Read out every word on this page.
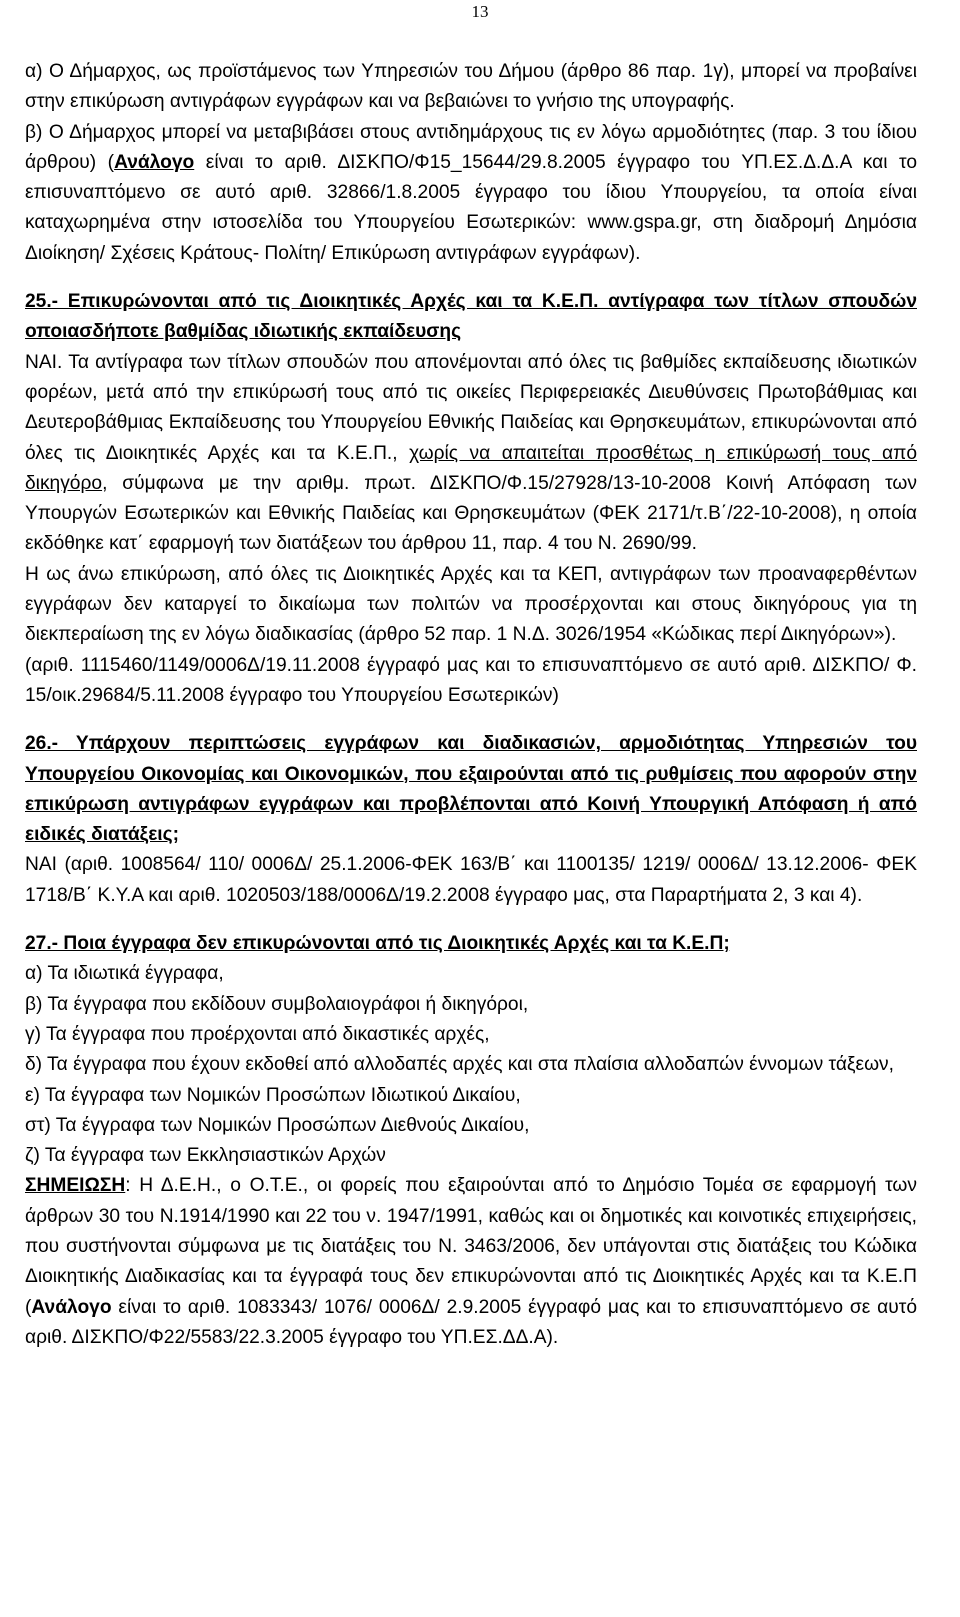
13

α) Ο Δήμαρχος, ως προϊστάμενος των Υπηρεσιών του Δήμου (άρθρο 86 παρ. 1γ), μπορεί να προβαίνει στην επικύρωση αντιγράφων εγγράφων και να βεβαιώνει το γνήσιο της υπογραφής.

β) Ο Δήμαρχος μπορεί να μεταβιβάσει στους αντιδημάρχους τις εν λόγω αρμοδιότητες (παρ. 3 του ίδιου άρθρου) (Ανάλογο είναι το αριθ. ΔΙΣΚΠΟ/Φ15_15644/29.8.2005 έγγραφο του ΥΠ.ΕΣ.Δ.Δ.Α και το επισυναπτόμενο σε αυτό αριθ. 32866/1.8.2005 έγγραφο του ίδιου Υπουργείου, τα οποία είναι καταχωρημένα στην ιστοσελίδα του Υπουργείου Εσωτερικών: www.gspa.gr, στη διαδρομή Δημόσια Διοίκηση/ Σχέσεις Κράτους- Πολίτη/ Επικύρωση αντιγράφων εγγράφων).

25.- Επικυρώνονται από τις Διοικητικές Αρχές και τα Κ.Ε.Π. αντίγραφα των τίτλων σπουδών οποιασδήποτε βαθμίδας ιδιωτικής εκπαίδευσης

ΝΑΙ. Τα αντίγραφα των τίτλων σπουδών που απονέμονται από όλες τις βαθμίδες εκπαίδευσης ιδιωτικών φορέων, μετά από την επικύρωσή τους από τις οικείες Περιφερειακές Διευθύνσεις Πρωτοβάθμιας και Δευτεροβάθμιας Εκπαίδευσης του Υπουργείου Εθνικής Παιδείας και Θρησκευμάτων, επικυρώνονται από όλες τις Διοικητικές Αρχές και τα Κ.Ε.Π., χωρίς να απαιτείται προσθέτως η επικύρωσή τους από δικηγόρο, σύμφωνα με την αριθμ. πρωτ. ΔΙΣΚΠΟ/Φ.15/27928/13-10-2008 Κοινή Απόφαση των Υπουργών Εσωτερικών και Εθνικής Παιδείας και Θρησκευμάτων (ΦΕΚ 2171/τ.Β΄/22-10-2008), η οποία εκδόθηκε κατ΄ εφαρμογή των διατάξεων του άρθρου 11, παρ. 4 του Ν. 2690/99.

Η ως άνω επικύρωση, από όλες τις Διοικητικές Αρχές και τα ΚΕΠ, αντιγράφων των προαναφερθέντων εγγράφων δεν καταργεί το δικαίωμα των πολιτών να προσέρχονται και στους δικηγόρους για τη διεκπεραίωση της εν λόγω διαδικασίας (άρθρο 52 παρ. 1 Ν.Δ. 3026/1954 «Κώδικας περί Δικηγόρων»).

(αριθ. 1115460/1149/0006Δ/19.11.2008 έγγραφό μας και το επισυναπτόμενο σε αυτό αριθ. ΔΙΣΚΠΟ/ Φ. 15/οικ.29684/5.11.2008 έγγραφο του Υπουργείου Εσωτερικών)

26.- Υπάρχουν περιπτώσεις εγγράφων και διαδικασιών, αρμοδιότητας Υπηρεσιών του Υπουργείου Οικονομίας και Οικονομικών, που εξαιρούνται από τις ρυθμίσεις που αφορούν στην επικύρωση αντιγράφων εγγράφων και προβλέπονται από Κοινή Υπουργική Απόφαση ή από ειδικές διατάξεις;

ΝΑΙ (αριθ. 1008564/ 110/ 0006Δ/ 25.1.2006-ΦΕΚ 163/Β΄ και 1100135/ 1219/ 0006Δ/ 13.12.2006- ΦΕΚ 1718/Β΄ Κ.Υ.Α και αριθ. 1020503/188/0006Δ/19.2.2008 έγγραφο μας, στα Παραρτήματα 2, 3 και 4).

27.- Ποια έγγραφα δεν επικυρώνονται από τις Διοικητικές Αρχές και τα Κ.Ε.Π;

α) Τα ιδιωτικά έγγραφα,

β) Τα έγγραφα που εκδίδουν συμβολαιογράφοι ή δικηγόροι,

γ) Τα έγγραφα που προέρχονται από δικαστικές αρχές,

δ) Τα έγγραφα που έχουν εκδοθεί από αλλοδαπές αρχές και στα πλαίσια αλλοδαπών έννομων τάξεων,

ε) Τα έγγραφα των Νομικών Προσώπων Ιδιωτικού Δικαίου,

στ) Τα έγγραφα των Νομικών Προσώπων Διεθνούς Δικαίου,

ζ) Τα έγγραφα των Εκκλησιαστικών Αρχών

ΣΗΜΕΙΩΣΗ: Η Δ.Ε.Η., ο Ο.Τ.Ε., οι φορείς που εξαιρούνται από το Δημόσιο Τομέα σε εφαρμογή των άρθρων 30 του Ν.1914/1990 και 22 του ν. 1947/1991, καθώς και οι δημοτικές και κοινοτικές επιχειρήσεις, που συστήνονται σύμφωνα με τις διατάξεις του Ν. 3463/2006, δεν υπάγονται στις διατάξεις του Κώδικα Διοικητικής Διαδικασίας και τα έγγραφά τους δεν επικυρώνονται από τις Διοικητικές Αρχές και τα Κ.Ε.Π (Ανάλογο είναι το αριθ. 1083343/ 1076/ 0006Δ/ 2.9.2005 έγγραφό μας και το επισυναπτόμενο σε αυτό αριθ. ΔΙΣΚΠΟ/Φ22/5583/22.3.2005 έγγραφο του ΥΠ.ΕΣ.ΔΔ.Α).
